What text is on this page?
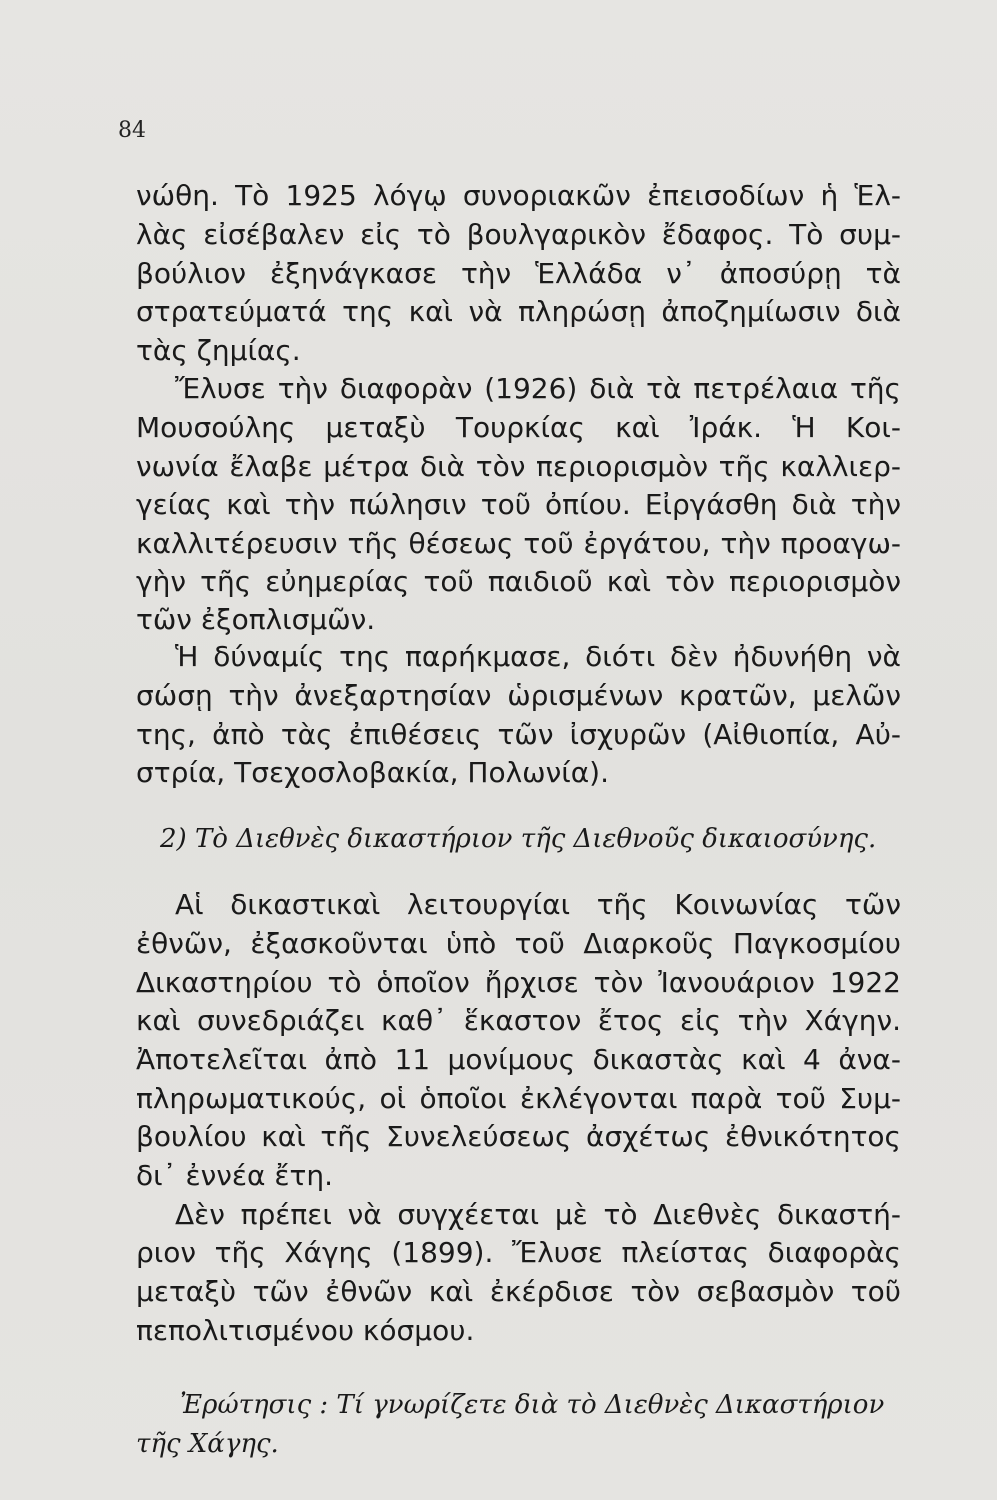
84
νώθη. Τὸ 1925 λόγῳ συνοριακῶν ἐπεισοδίων ἡ Ἑλ-
λὰς εἰσέβαλεν εἰς τὸ βουλγαρικὸν ἔδαφος. Τὸ συμ-
βούλιον ἐξηνάγκασε τὴν Ἑλλάδα ν᾽ ἀποσύρῃ τὰ
στρατεύματά της καὶ νὰ πληρώσῃ ἀποζημίωσιν διὰ
τὰς ζημίας.
Ἔλυσε τὴν διαφορὰν (1926) διὰ τὰ πετρέλαια τῆς
Μουσούλης μεταξὺ Τουρκίας καὶ Ἰράκ. Ἡ Κοι-
νωνία ἔλαβε μέτρα διὰ τὸν περιορισμὸν τῆς καλλιερ-
γείας καὶ τὴν πώλησιν τοῦ ὀπίου. Εἰργάσθη διὰ τὴν
καλλιτέρευσιν τῆς θέσεως τοῦ ἐργάτου, τὴν προαγω-
γὴν τῆς εὐημερίας τοῦ παιδιοῦ καὶ τὸν περιορισμὸν
τῶν ἐξοπλισμῶν.
Ἡ δύναμίς της παρήκμασε, διότι δὲν ἠδυνήθη νὰ
σώσῃ τὴν ἀνεξαρτησίαν ὡρισμένων κρατῶν, μελῶν
της, ἀπὸ τὰς ἐπιθέσεις τῶν ἰσχυρῶν (Αἰθιοπία, Αὐ-
στρία, Τσεχοσλοβακία, Πολωνία).
2) Τὸ Διεθνὲς δικαστήριον τῆς Διεθνοῦς δικαιοσύνης.
Αἱ δικαστικαὶ λειτουργίαι τῆς Κοινωνίας τῶν
ἐθνῶν, ἐξασκοῦνται ὑπὸ τοῦ Διαρκοῦς Παγκοσμίου
Δικαστηρίου τὸ ὁποῖον ἤρχισε τὸν Ἰανουάριον 1922
καὶ συνεδριάζει καθ᾽ ἕκαστον ἔτος εἰς τὴν Χάγην.
Ἀποτελεῖται ἀπὸ 11 μονίμους δικαστὰς καὶ 4 ἀνα-
πληρωματικούς, οἱ ὁποῖοι ἐκλέγονται παρὰ τοῦ Συμ-
βουλίου καὶ τῆς Συνελεύσεως ἀσχέτως ἐθνικότητος
δι᾽ ἐννέα ἔτη.
Δὲν πρέπει νὰ συγχέεται μὲ τὸ Διεθνὲς δικαστή-
ριον τῆς Χάγης (1899). Ἔλυσε πλείστας διαφορὰς
μεταξὺ τῶν ἐθνῶν καὶ ἐκέρδισε τὸν σεβασμὸν τοῦ
πεπολιτισμένου κόσμου.
Ἐρώτησις : Τί γνωρίζετε διὰ τὸ Διεθνὲς Δικαστήριον
τῆς Χάγης.
